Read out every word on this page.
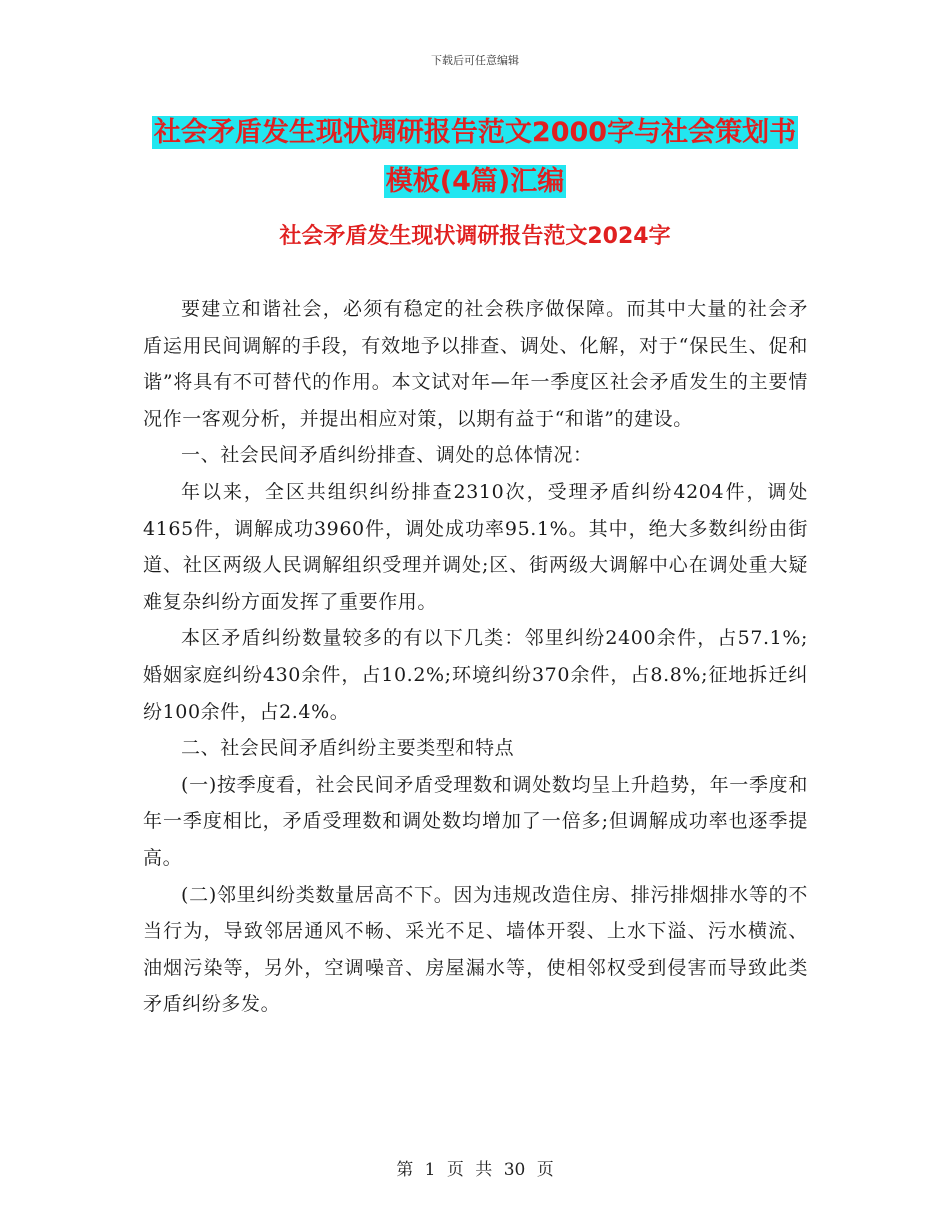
下载后可任意编辑
社会矛盾发生现状调研报告范文2000字与社会策划书
模板(4篇)汇编
社会矛盾发生现状调研报告范文2024字

要建立和谐社会，必须有稳定的社会秩序做保障。而其中大量的社会矛盾运用民间调解的手段，有效地予以排查、调处、化解，对于“保民生、促和谐”将具有不可替代的作用。本文试对年—年一季度区社会矛盾发生的主要情况作一客观分析，并提出相应对策，以期有益于“和谐”的建设。

一、社会民间矛盾纠纷排查、调处的总体情况：

年以来，全区共组织纠纷排查2310次，受理矛盾纠纷4204件，调处4165件，调解成功3960件，调处成功率95.1%。其中，绝大多数纠纷由街道、社区两级人民调解组织受理并调处;区、街两级大调解中心在调处重大疑难复杂纠纷方面发挥了重要作用。

本区矛盾纠纷数量较多的有以下几类：邻里纠纷2400余件，占57.1%;婚姻家庭纠纷430余件，占10.2%;环境纠纷370余件，占8.8%;征地拆迁纠纷100余件，占2.4%。

二、社会民间矛盾纠纷主要类型和特点

(一)按季度看，社会民间矛盾受理数和调处数均呈上升趋势，年一季度和年一季度相比，矛盾受理数和调处数均增加了一倍多;但调解成功率也逐季提高。

(二)邻里纠纷类数量居高不下。因为违规改造住房、排污排烟排水等的不当行为，导致邻居通风不畅、采光不足、墙体开裂、上水下溢、污水横流、油烟污染等，另外，空调噪音、房屋漏水等，使相邻权受到侵害而导致此类矛盾纠纷多发。

第 1 页 共 30 页
